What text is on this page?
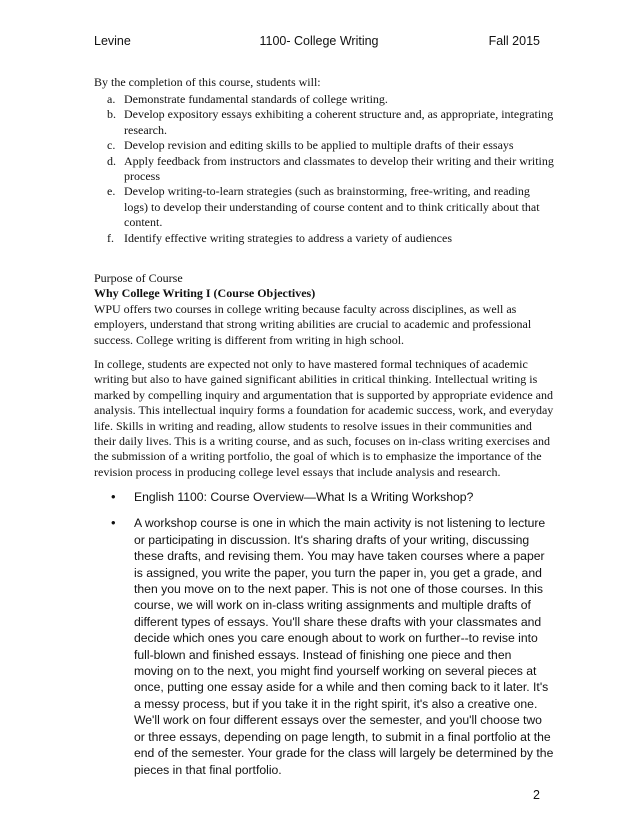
Levine	1100- College Writing	Fall 2015
By the completion of this course, students will:
a. Demonstrate fundamental standards of college writing.
b. Develop expository essays exhibiting a coherent structure and, as appropriate, integrating research.
c. Develop revision and editing skills to be applied to multiple drafts of their essays
d. Apply feedback from instructors and classmates to develop their writing and their writing process
e. Develop writing-to-learn strategies (such as brainstorming, free-writing, and reading logs) to develop their understanding of course content and to think critically about that content.
f. Identify effective writing strategies to address a variety of audiences
Purpose of Course
Why College Writing I (Course Objectives)

WPU offers two courses in college writing because faculty across disciplines, as well as employers, understand that strong writing abilities are crucial to academic and professional success. College writing is different from writing in high school.

In college, students are expected not only to have mastered formal techniques of academic writing but also to have gained significant abilities in critical thinking. Intellectual writing is marked by compelling inquiry and argumentation that is supported by appropriate evidence and analysis. This intellectual inquiry forms a foundation for academic success, work, and everyday life. Skills in writing and reading, allow students to resolve issues in their communities and their daily lives. This is a writing course, and as such, focuses on in-class writing exercises and the submission of a writing portfolio, the goal of which is to emphasize the importance of the revision process in producing college level essays that include analysis and research.

• English 1100: Course Overview—What Is a Writing Workshop?
• A workshop course is one in which the main activity is not listening to lecture or participating in discussion. It's sharing drafts of your writing, discussing these drafts, and revising them. You may have taken courses where a paper is assigned, you write the paper, you turn the paper in, you get a grade, and then you move on to the next paper. This is not one of those courses. In this course, we will work on in-class writing assignments and multiple drafts of different types of essays. You'll share these drafts with your classmates and decide which ones you care enough about to work on further--to revise into full-blown and finished essays. Instead of finishing one piece and then moving on to the next, you might find yourself working on several pieces at once, putting one essay aside for a while and then coming back to it later. It's a messy process, but if you take it in the right spirit, it's also a creative one. We'll work on four different essays over the semester, and you'll choose two or three essays, depending on page length, to submit in a final portfolio at the end of the semester. Your grade for the class will largely be determined by the pieces in that final portfolio.
2
